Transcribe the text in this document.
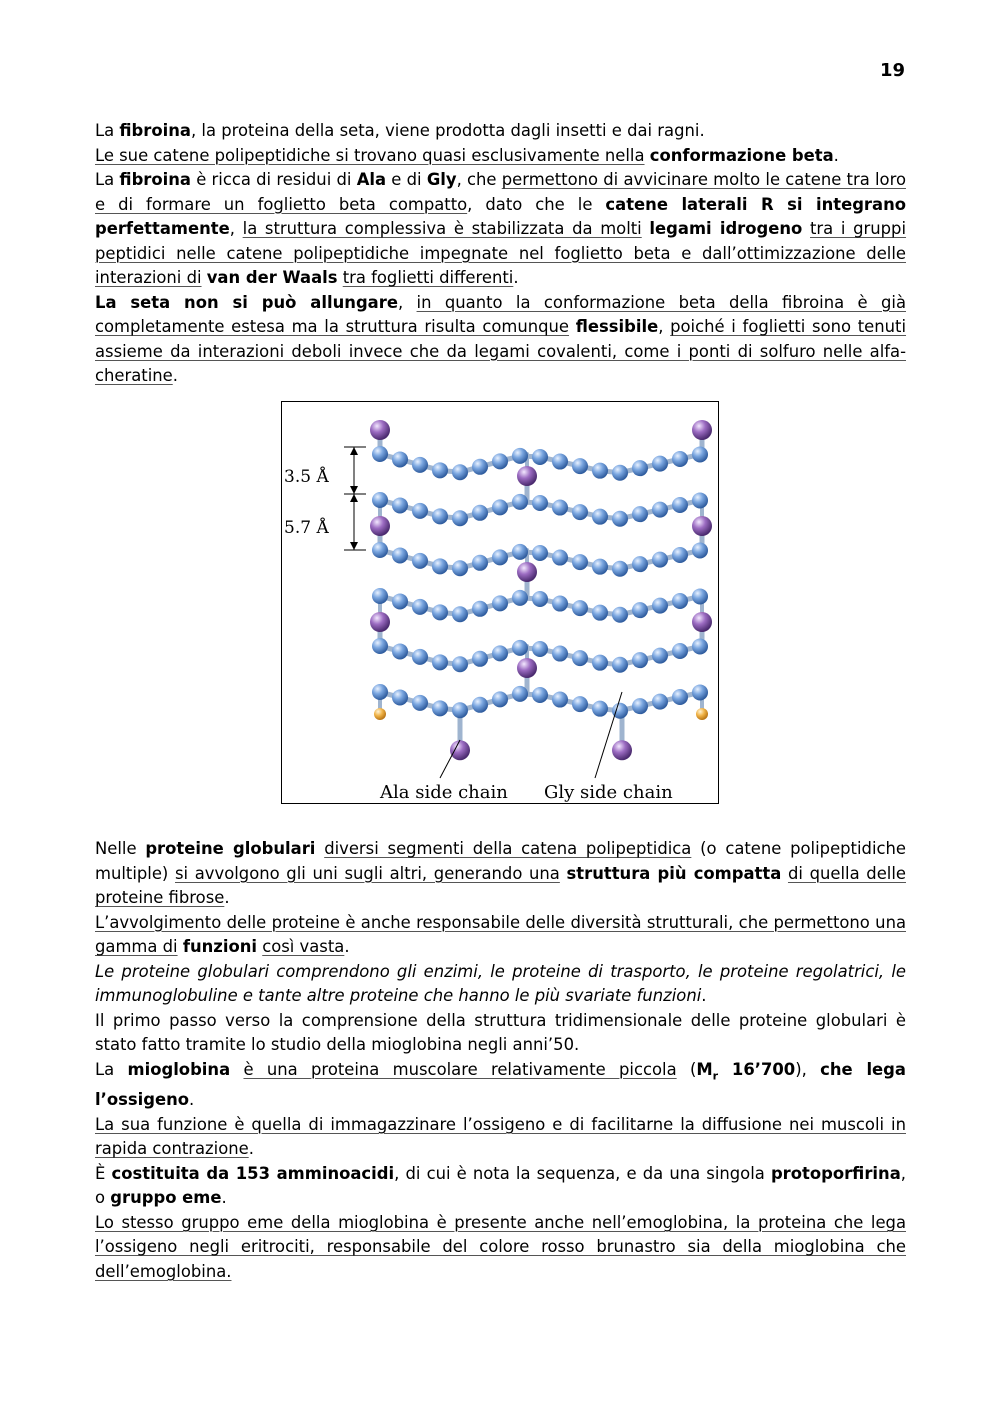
19

La fibroina, la proteina della seta, viene prodotta dagli insetti e dai ragni.

Le sue catene polipeptidiche si trovano quasi esclusivamente nella conformazione beta.

La fibroina è ricca di residui di Ala e di Gly, che permettono di avvicinare molto le catene tra loro e di formare un foglietto beta compatto, dato che le catene laterali R si integrano perfettamente, la struttura complessiva è stabilizzata da molti legami idrogeno tra i gruppi peptidici nelle catene polipeptidiche impegnate nel foglietto beta e dall’ottimizzazione delle interazioni di van der Waals tra foglietti differenti.

La seta non si può allungare, in quanto la conformazione beta della fibroina è già completamente estesa ma la struttura risulta comunque flessibile, poiché i foglietti sono tenuti assieme da interazioni deboli invece che da legami covalenti, come i ponti di solfuro nelle alfa-cheratine.

3.5 Å
5.7 Å
Ala side chain Gly side chain

Nelle proteine globulari diversi segmenti della catena polipeptidica (o catene polipeptidiche multiple) si avvolgono gli uni sugli altri, generando una struttura più compatta di quella delle proteine fibrose.

L’avvolgimento delle proteine è anche responsabile delle diversità strutturali, che permettono una gamma di funzioni così vasta.

Le proteine globulari comprendono gli enzimi, le proteine di trasporto, le proteine regolatrici, le immunoglobuline e tante altre proteine che hanno le più svariate funzioni.

Il primo passo verso la comprensione della struttura tridimensionale delle proteine globulari è stato fatto tramite lo studio della mioglobina negli anni’50.

La mioglobina è una proteina muscolare relativamente piccola ($M_r$ 16’700), che lega l’ossigeno.

La sua funzione è quella di immagazzinare l’ossigeno e di facilitarne la diffusione nei muscoli in rapida contrazione.

È costituita da 153 amminoacidi, di cui è nota la sequenza, e da una singola protoporfirina, o gruppo eme.

Lo stesso gruppo eme della mioglobina è presente anche nell’emoglobina, la proteina che lega l’ossigeno negli eritrociti, responsabile del colore rosso brunastro sia della mioglobina che dell’emoglobina.
